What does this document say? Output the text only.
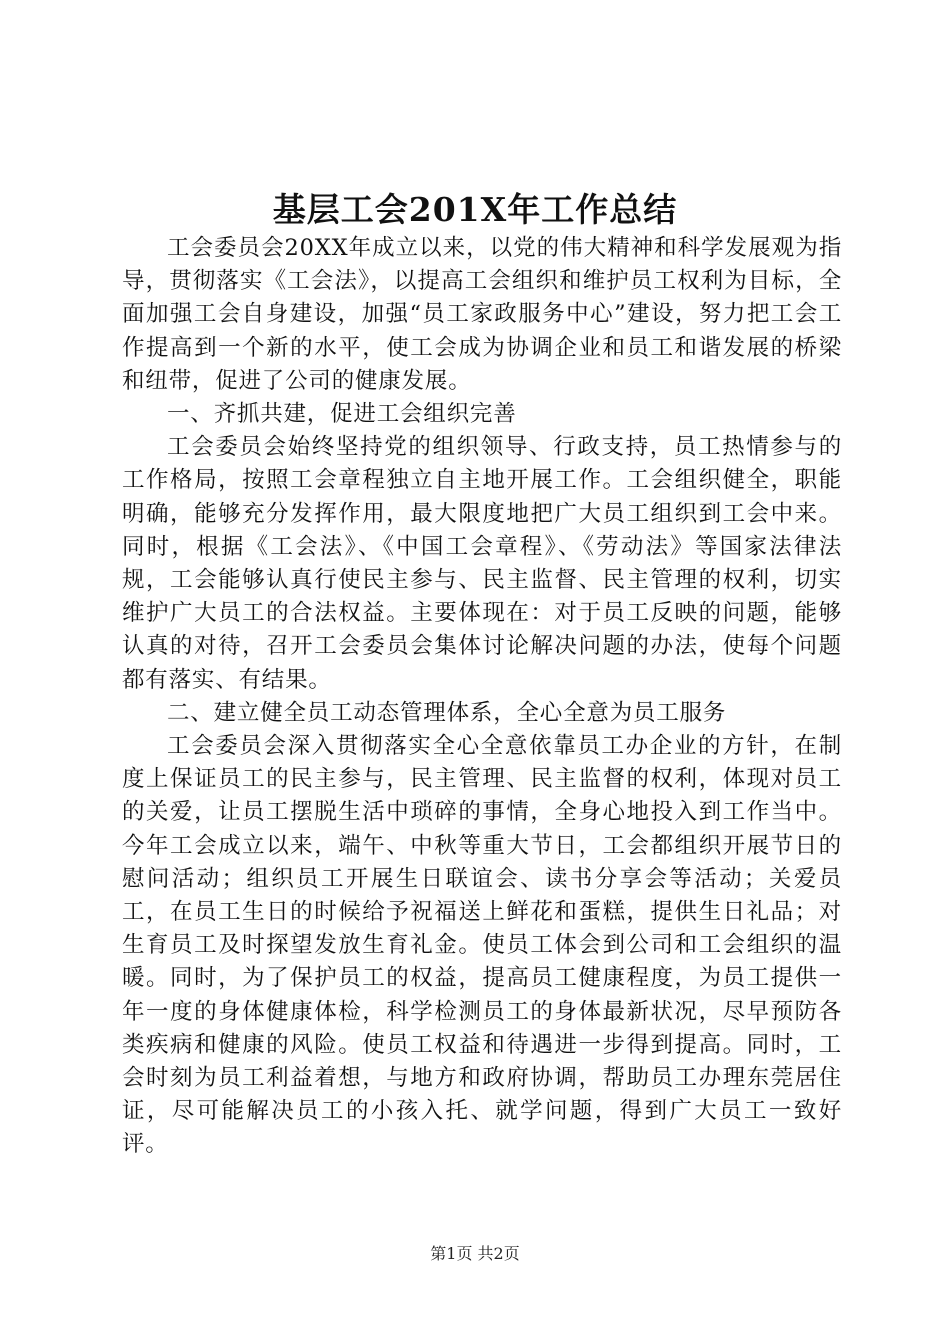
基层工会201X年工作总结

工会委员会20XX年成立以来，以党的伟大精神和科学发展观为指导，贯彻落实《工会法》，以提高工会组织和维护员工权利为目标，全面加强工会自身建设，加强“员工家政服务中心”建设，努力把工会工作提高到一个新的水平，使工会成为协调企业和员工和谐发展的桥梁和纽带，促进了公司的健康发展。

一、齐抓共建，促进工会组织完善

工会委员会始终坚持党的组织领导、行政支持，员工热情参与的工作格局，按照工会章程独立自主地开展工作。工会组织健全，职能明确，能够充分发挥作用，最大限度地把广大员工组织到工会中来。同时，根据《工会法》、《中国工会章程》、《劳动法》等国家法律法规，工会能够认真行使民主参与、民主监督、民主管理的权利，切实维护广大员工的合法权益。主要体现在：对于员工反映的问题，能够认真的对待，召开工会委员会集体讨论解决问题的办法，使每个问题都有落实、有结果。

二、建立健全员工动态管理体系，全心全意为员工服务

工会委员会深入贯彻落实全心全意依靠员工办企业的方针，在制度上保证员工的民主参与，民主管理、民主监督的权利，体现对员工的关爱，让员工摆脱生活中琐碎的事情，全身心地投入到工作当中。今年工会成立以来，端午、中秋等重大节日，工会都组织开展节日的慰问活动；组织员工开展生日联谊会、读书分享会等活动；关爱员工，在员工生日的时候给予祝福送上鲜花和蛋糕，提供生日礼品；对生育员工及时探望发放生育礼金。使员工体会到公司和工会组织的温暖。同时，为了保护员工的权益，提高员工健康程度，为员工提供一年一度的身体健康体检，科学检测员工的身体最新状况，尽早预防各类疾病和健康的风险。使员工权益和待遇进一步得到提高。同时，工会时刻为员工利益着想，与地方和政府协调，帮助员工办理东莞居住证，尽可能解决员工的小孩入托、就学问题，得到广大员工一致好评。

第1页 共2页
